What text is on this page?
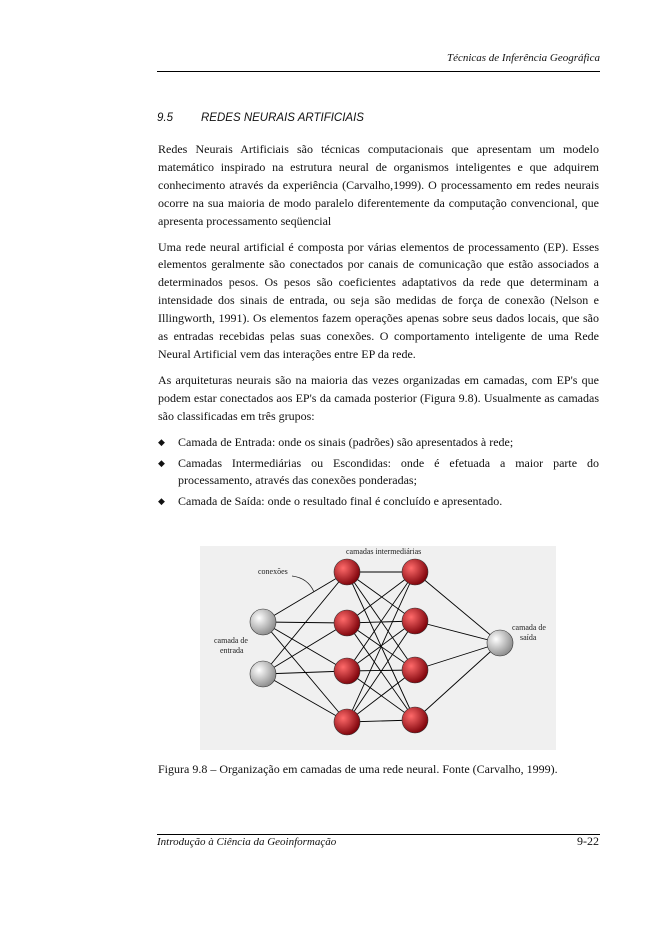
Técnicas de Inferência Geográfica
9.5 REDES NEURAIS ARTIFICIAIS

Redes Neurais Artificiais são técnicas computacionais que apresentam um modelo matemático inspirado na estrutura neural de organismos inteligentes e que adquirem conhecimento através da experiência (Carvalho,1999). O processamento em redes neurais ocorre na sua maioria de modo paralelo diferentemente da computação convencional, que apresenta processamento seqüencial

Uma rede neural artificial é composta por várias elementos de processamento (EP). Esses elementos geralmente são conectados por canais de comunicação que estão associados a determinados pesos. Os pesos são coeficientes adaptativos da rede que determinam a intensidade dos sinais de entrada, ou seja são medidas de força de conexão (Nelson e Illingworth, 1991). Os elementos fazem operações apenas sobre seus dados locais, que são as entradas recebidas pelas suas conexões. O comportamento inteligente de uma Rede Neural Artificial vem das interações entre EP da rede.

As arquiteturas neurais são na maioria das vezes organizadas em camadas, com EP's que podem estar conectados aos EP's da camada posterior (Figura 9.8). Usualmente as camadas são classificadas em três grupos:

◆ Camada de Entrada: onde os sinais (padrões) são apresentados à rede;
◆ Camadas Intermediárias ou Escondidas: onde é efetuada a maior parte do processamento, através das conexões ponderadas;
◆ Camada de Saída: onde o resultado final é concluído e apresentado.
camadas intermediárias
conexões
camada de
entrada
camada de
saída
Figura 9.8 – Organização em camadas de uma rede neural. Fonte (Carvalho, 1999).
Introdução à Ciência da Geoinformação	9-22
